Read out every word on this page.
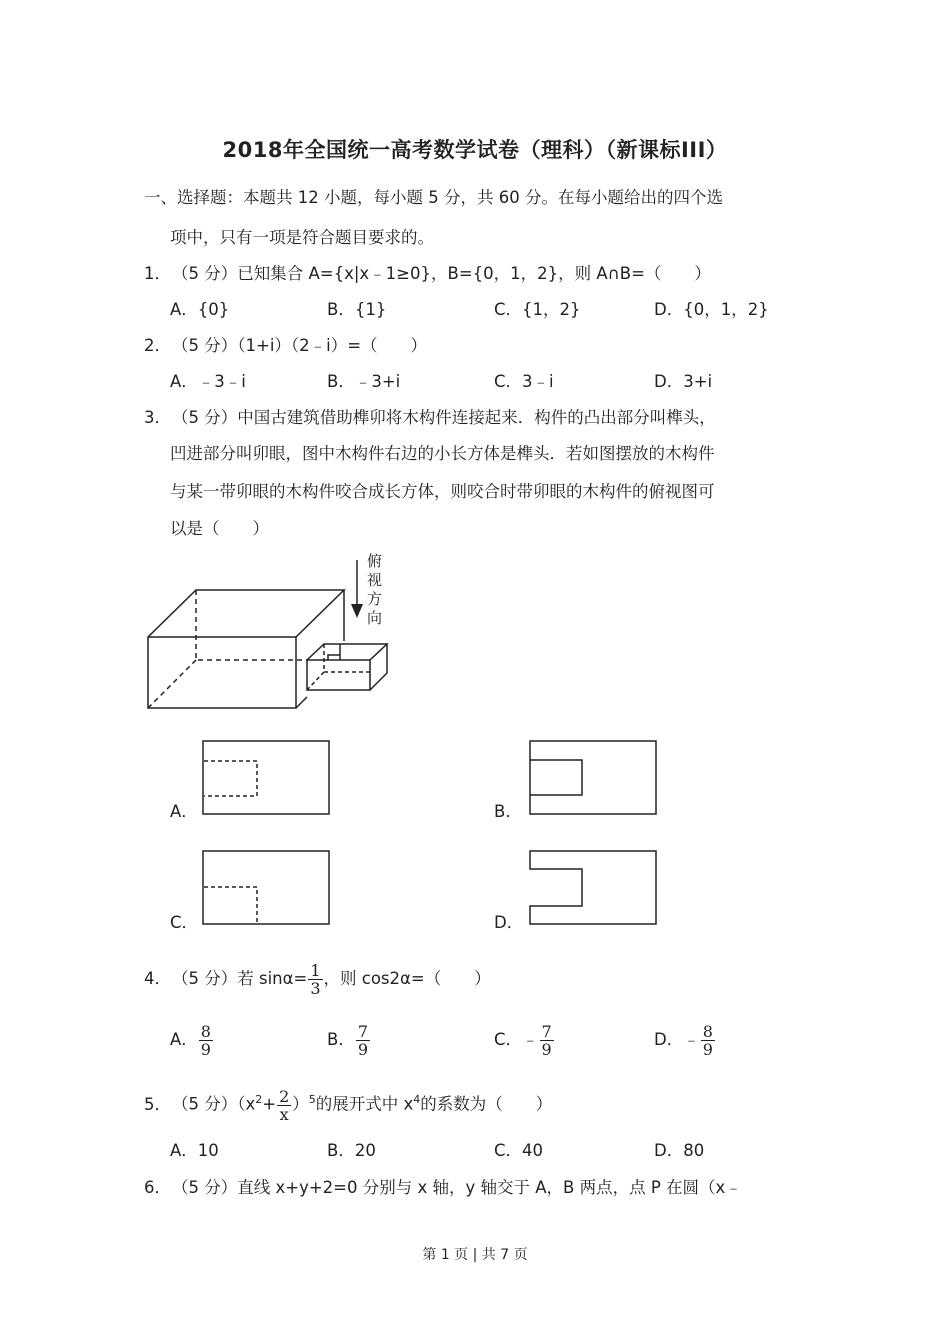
2018年全国统一高考数学试卷（理科）（新课标III）
一、选择题：本题共 12 小题，每小题 5 分，共 60 分。在每小题给出的四个选
项中，只有一项是符合题目要求的。
1．（5 分）已知集合 A={x|x﹣1≥0}，B={0，1，2}，则 A∩B=（　　）
A．{0}	B．{1}	C．{1，2}	D．{0，1，2}
2．（5 分）（1+i）（2﹣i）=（　　）
A．﹣3﹣i	B．﹣3+i	C．3﹣i	D．3+i
3．（5 分）中国古建筑借助榫卯将木构件连接起来．构件的凸出部分叫榫头，
凹进部分叫卯眼，图中木构件右边的小长方体是榫头．若如图摆放的木构件
与某一带卯眼的木构件咬合成长方体，则咬合时带卯眼的木构件的俯视图可
以是（　　）
俯
视
方
向
A．	B．
C．	D．
4．（5 分）若 $\sin\alpha= \frac{1}{3}$ ，则 cos2α=（　　）
A． $\frac{8}{9}$	B． $\frac{7}{9}$	C．﹣ $\frac{7}{9}$	D．﹣ $\frac{8}{9}$
5．（5 分）$(x^2+ \frac{2}{x} )^5$的展开式中 $x^4$的系数为（　　）
A．10	B．20	C．40	D．80
6．（5 分）直线 x+y+2=0 分别与 x 轴，y 轴交于 A，B 两点，点 P 在圆（x﹣
第 1 页 | 共 7 页
